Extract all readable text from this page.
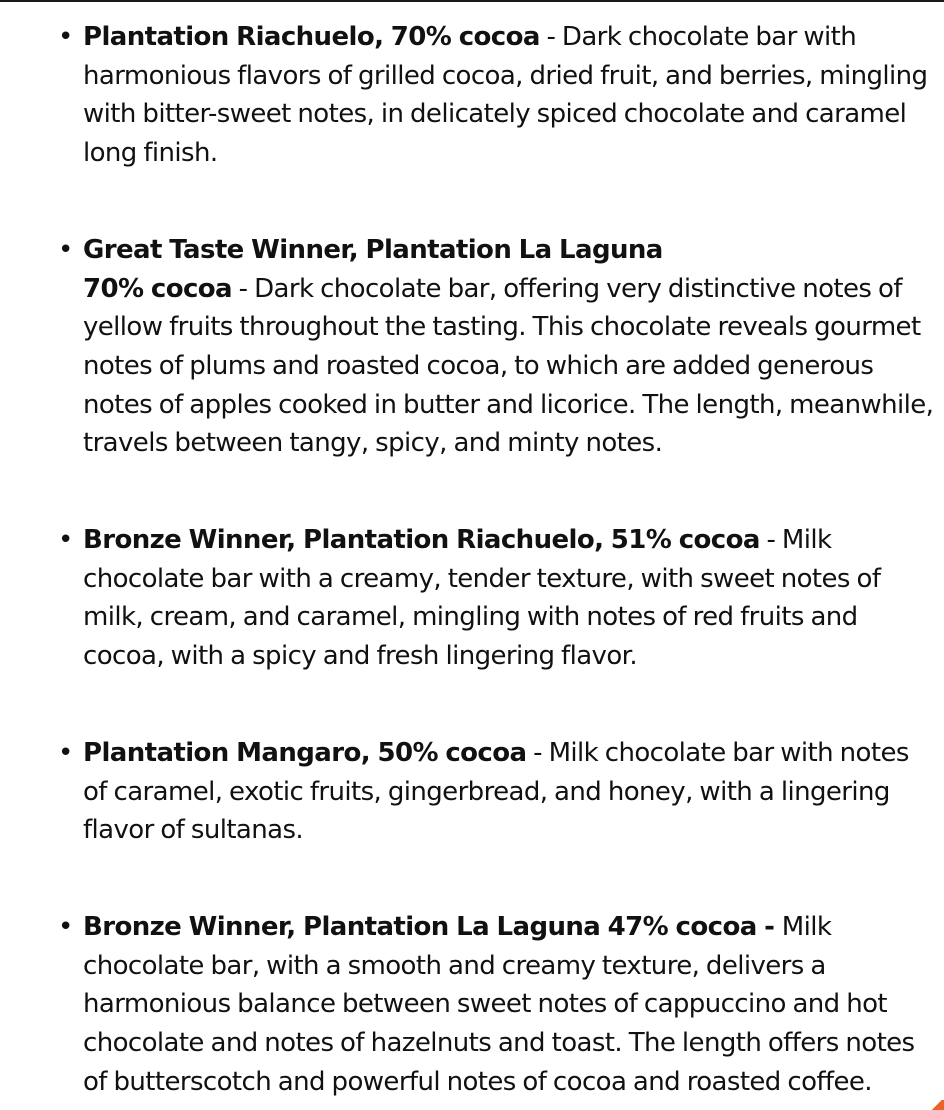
• Plantation Riachuelo, 70% cocoa - Dark chocolate bar with harmonious flavors of grilled cocoa, dried fruit, and berries, mingling with bitter-sweet notes, in delicately spiced chocolate and caramel long finish.
• Great Taste Winner, Plantation La Laguna
70% cocoa - Dark chocolate bar, offering very distinctive notes of yellow fruits throughout the tasting. This chocolate reveals gourmet notes of plums and roasted cocoa, to which are added generous notes of apples cooked in butter and licorice. The length, meanwhile, travels between tangy, spicy, and minty notes.
• Bronze Winner, Plantation Riachuelo, 51% cocoa - Milk chocolate bar with a creamy, tender texture, with sweet notes of milk, cream, and caramel, mingling with notes of red fruits and cocoa, with a spicy and fresh lingering flavor.
• Plantation Mangaro, 50% cocoa - Milk chocolate bar with notes of caramel, exotic fruits, gingerbread, and honey, with a lingering flavor of sultanas.
• Bronze Winner, Plantation La Laguna 47% cocoa - Milk chocolate bar, with a smooth and creamy texture, delivers a harmonious balance between sweet notes of cappuccino and hot chocolate and notes of hazelnuts and toast. The length offers notes of butterscotch and powerful notes of cocoa and roasted coffee.
